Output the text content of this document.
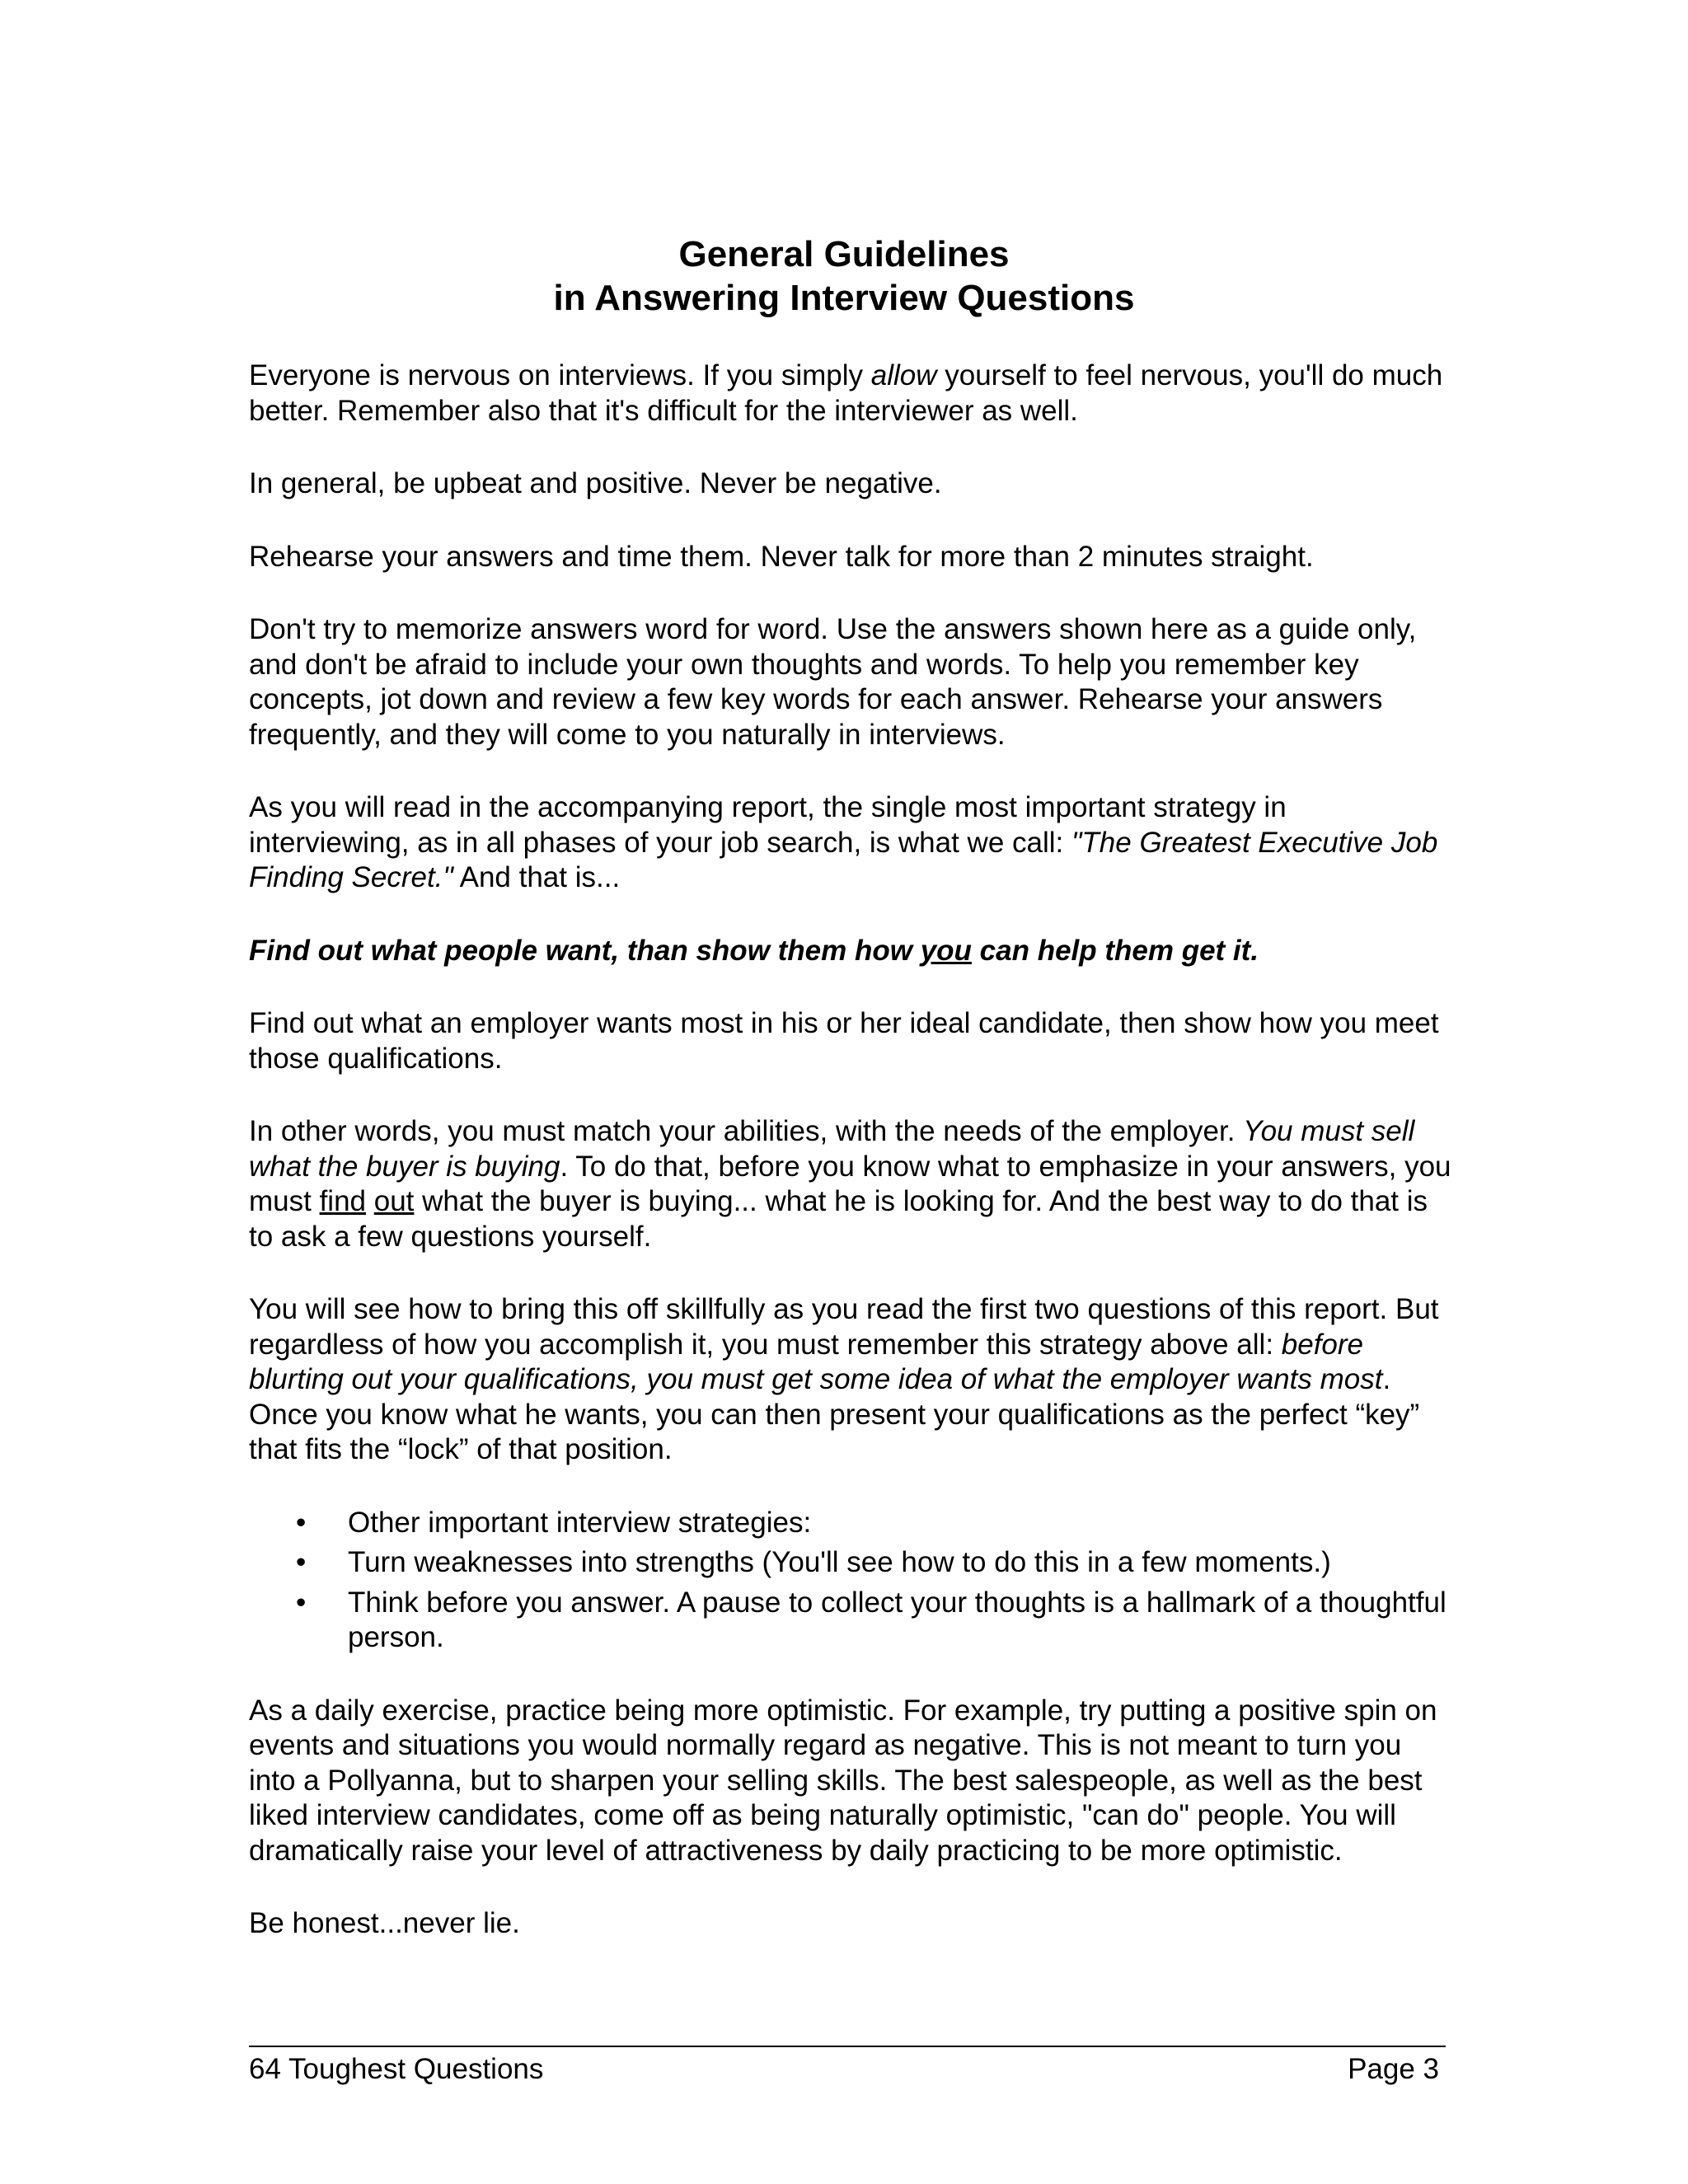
General Guidelines
in Answering Interview Questions

Everyone is nervous on interviews. If you simply allow yourself to feel nervous, you'll do much better. Remember also that it's difficult for the interviewer as well.

In general, be upbeat and positive. Never be negative.

Rehearse your answers and time them. Never talk for more than 2 minutes straight.

Don't try to memorize answers word for word. Use the answers shown here as a guide only, and don't be afraid to include your own thoughts and words. To help you remember key concepts, jot down and review a few key words for each answer. Rehearse your answers frequently, and they will come to you naturally in interviews.

As you will read in the accompanying report, the single most important strategy in interviewing, as in all phases of your job search, is what we call: "The Greatest Executive Job Finding Secret." And that is...

Find out what people want, than show them how you can help them get it.

Find out what an employer wants most in his or her ideal candidate, then show how you meet those qualifications.

In other words, you must match your abilities, with the needs of the employer. You must sell what the buyer is buying. To do that, before you know what to emphasize in your answers, you must find out what the buyer is buying... what he is looking for. And the best way to do that is to ask a few questions yourself.

You will see how to bring this off skillfully as you read the first two questions of this report. But regardless of how you accomplish it, you must remember this strategy above all: before blurting out your qualifications, you must get some idea of what the employer wants most. Once you know what he wants, you can then present your qualifications as the perfect “key” that fits the “lock” of that position.

• Other important interview strategies:
• Turn weaknesses into strengths (You'll see how to do this in a few moments.)
• Think before you answer. A pause to collect your thoughts is a hallmark of a thoughtful person.

As a daily exercise, practice being more optimistic. For example, try putting a positive spin on events and situations you would normally regard as negative. This is not meant to turn you into a Pollyanna, but to sharpen your selling skills. The best salespeople, as well as the best liked interview candidates, come off as being naturally optimistic, "can do" people. You will dramatically raise your level of attractiveness by daily practicing to be more optimistic.

Be honest...never lie.

64 Toughest Questions	Page 3
